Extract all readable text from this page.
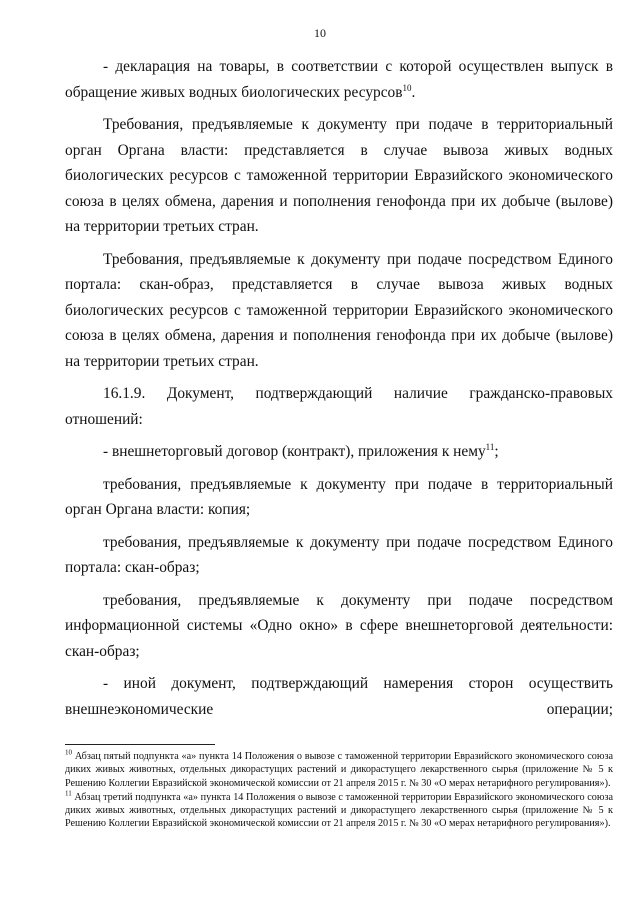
10

- декларация на товары, в соответствии с которой осуществлен выпуск в обращение живых водных биологических ресурсов$^{10}$.

Требования, предъявляемые к документу при подаче в территориальный орган Органа власти: представляется в случае вывоза живых водных биологических ресурсов с таможенной территории Евразийского экономического союза в целях обмена, дарения и пополнения генофонда при их добыче (вылове) на территории третьих стран.

Требования, предъявляемые к документу при подаче посредством Единого портала: скан-образ, представляется в случае вывоза живых водных биологических ресурсов с таможенной территории Евразийского экономического союза в целях обмена, дарения и пополнения генофонда при их добыче (вылове) на территории третьих стран.

16.1.9. Документ, подтверждающий наличие гражданско-правовых отношений:

- внешнеторговый договор (контракт), приложения к нему$^{11}$;

требования, предъявляемые к документу при подаче в территориальный орган Органа власти: копия;

требования, предъявляемые к документу при подаче посредством Единого портала: скан-образ;

требования, предъявляемые к документу при подаче посредством информационной системы «Одно окно» в сфере внешнеторговой деятельности: скан-образ;

- иной документ, подтверждающий намерения сторон осуществить внешнеэкономические операции;

$^{10}$ Абзац пятый подпункта «а» пункта 14 Положения о вывозе с таможенной территории Евразийского экономического союза диких живых животных, отдельных дикорастущих растений и дикорастущего лекарственного сырья (приложение № 5 к Решению Коллегии Евразийской экономической комиссии от 21 апреля 2015 г. № 30 «О мерах нетарифного регулирования»).

$^{11}$ Абзац третий подпункта «а» пункта 14 Положения о вывозе с таможенной территории Евразийского экономического союза диких живых животных, отдельных дикорастущих растений и дикорастущего лекарственного сырья (приложение № 5 к Решению Коллегии Евразийской экономической комиссии от 21 апреля 2015 г. № 30 «О мерах нетарифного регулирования»).
